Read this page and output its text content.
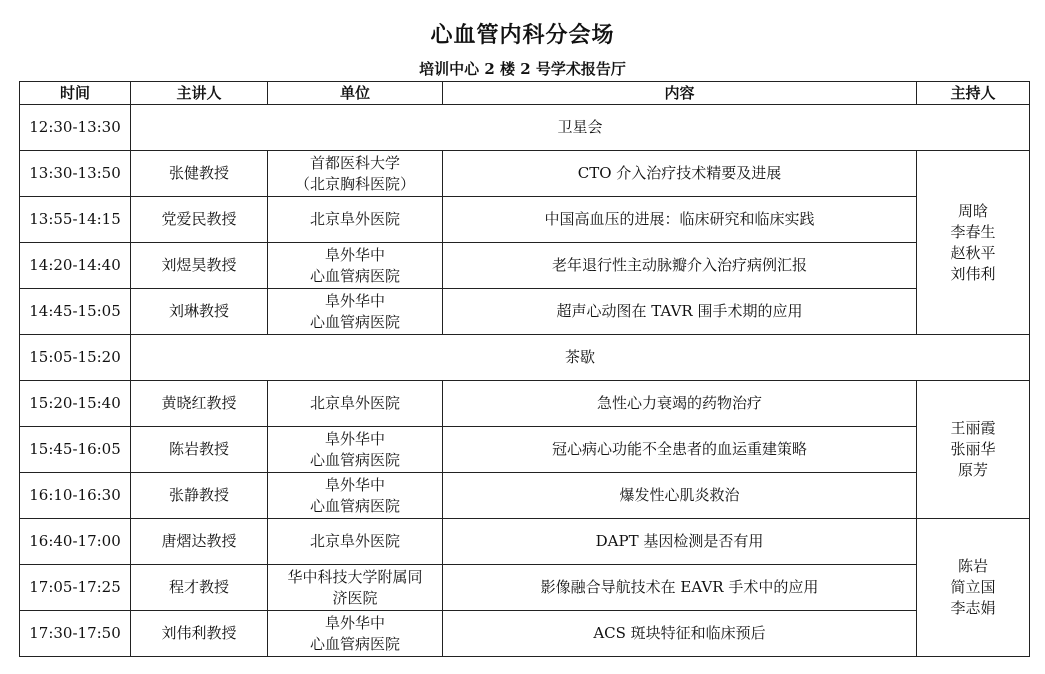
心血管内科分会场
培训中心 2 楼 2 号学术报告厅
时间	主讲人	单位	内容	主持人
12:30-13:30	卫星会			
13:30-13:50	张健教授	首都医科大学
（北京胸科医院）	CTO 介入治疗技术精要及进展	周晗
李春生
赵秋平
刘伟利

13:55-14:15	党爱民教授	北京阜外医院	中国高血压的进展：临床研究和临床实践	
14:20-14:40	刘煜昊教授	阜外华中
心血管病医院	老年退行性主动脉瓣介入治疗病例汇报	
14:45-15:05	刘琳教授	阜外华中
心血管病医院	超声心动图在 TAVR 围手术期的应用	
15:05-15:20	茶歇			
15:20-15:40	黄晓红教授	北京阜外医院	急性心力衰竭的药物治疗	王丽霞
张丽华
原芳

15:45-16:05	陈岩教授	阜外华中
心血管病医院	冠心病心功能不全患者的血运重建策略	
16:10-16:30	张静教授	阜外华中
心血管病医院	爆发性心肌炎救治	
16:40-17:00	唐熠达教授	北京阜外医院	DAPT 基因检测是否有用	陈岩
简立国
李志娟

17:05-17:25	程才教授	华中科技大学附属同
济医院	影像融合导航技术在 EAVR 手术中的应用	
17:30-17:50	刘伟利教授	阜外华中
心血管病医院	ACS 斑块特征和临床预后	
